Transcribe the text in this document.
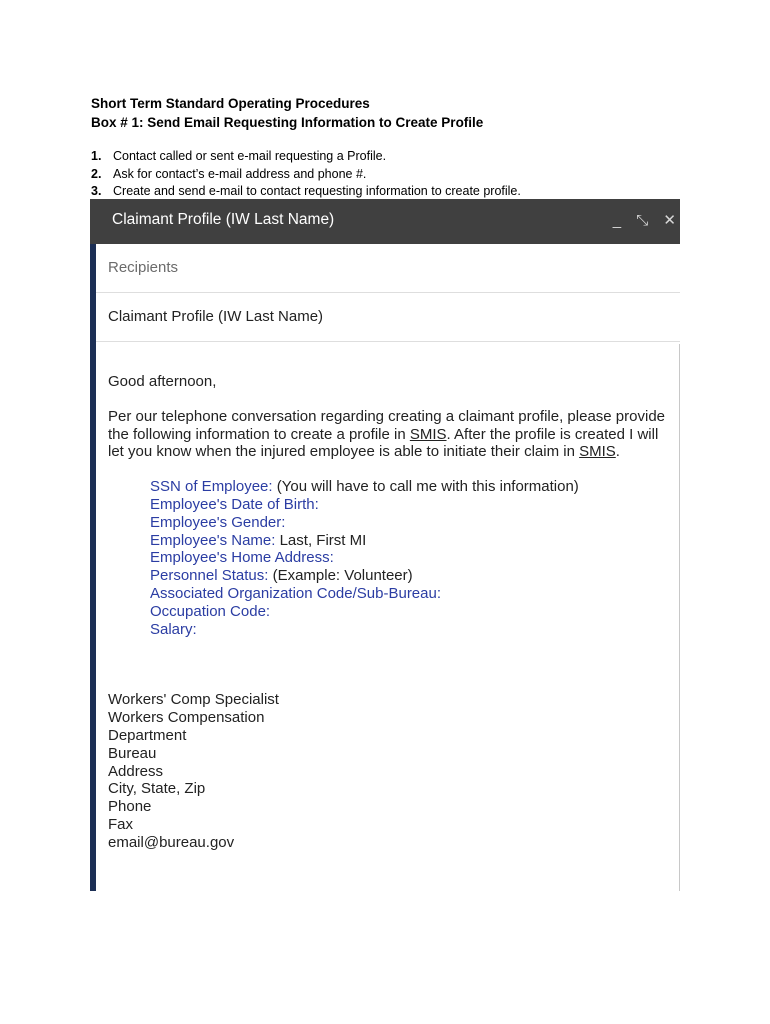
Short Term Standard Operating Procedures

Box # 1: Send Email Requesting Information to Create Profile

1. Contact called or sent e-mail requesting a Profile.
2. Ask for contact’s e-mail address and phone #.
3. Create and send e-mail to contact requesting information to create profile.
Claimant Profile (IW Last Name)	_ ⤡ ✕
Recipients
Claimant Profile (IW Last Name)

Good afternoon,

Per our telephone conversation regarding creating a claimant profile, please provide the following information to create a profile in SMIS. After the profile is created I will let you know when the injured employee is able to initiate their claim in SMIS.

SSN of Employee: (You will have to call me with this information)
Employee's Date of Birth:
Employee's Gender:
Employee's Name: Last, First MI
Employee's Home Address:
Personnel Status: (Example: Volunteer)
Associated Organization Code/Sub-Bureau:
Occupation Code:
Salary:
Workers' Comp Specialist
Workers Compensation
Department
Bureau
Address
City, State, Zip
Phone
Fax
email@bureau.gov
